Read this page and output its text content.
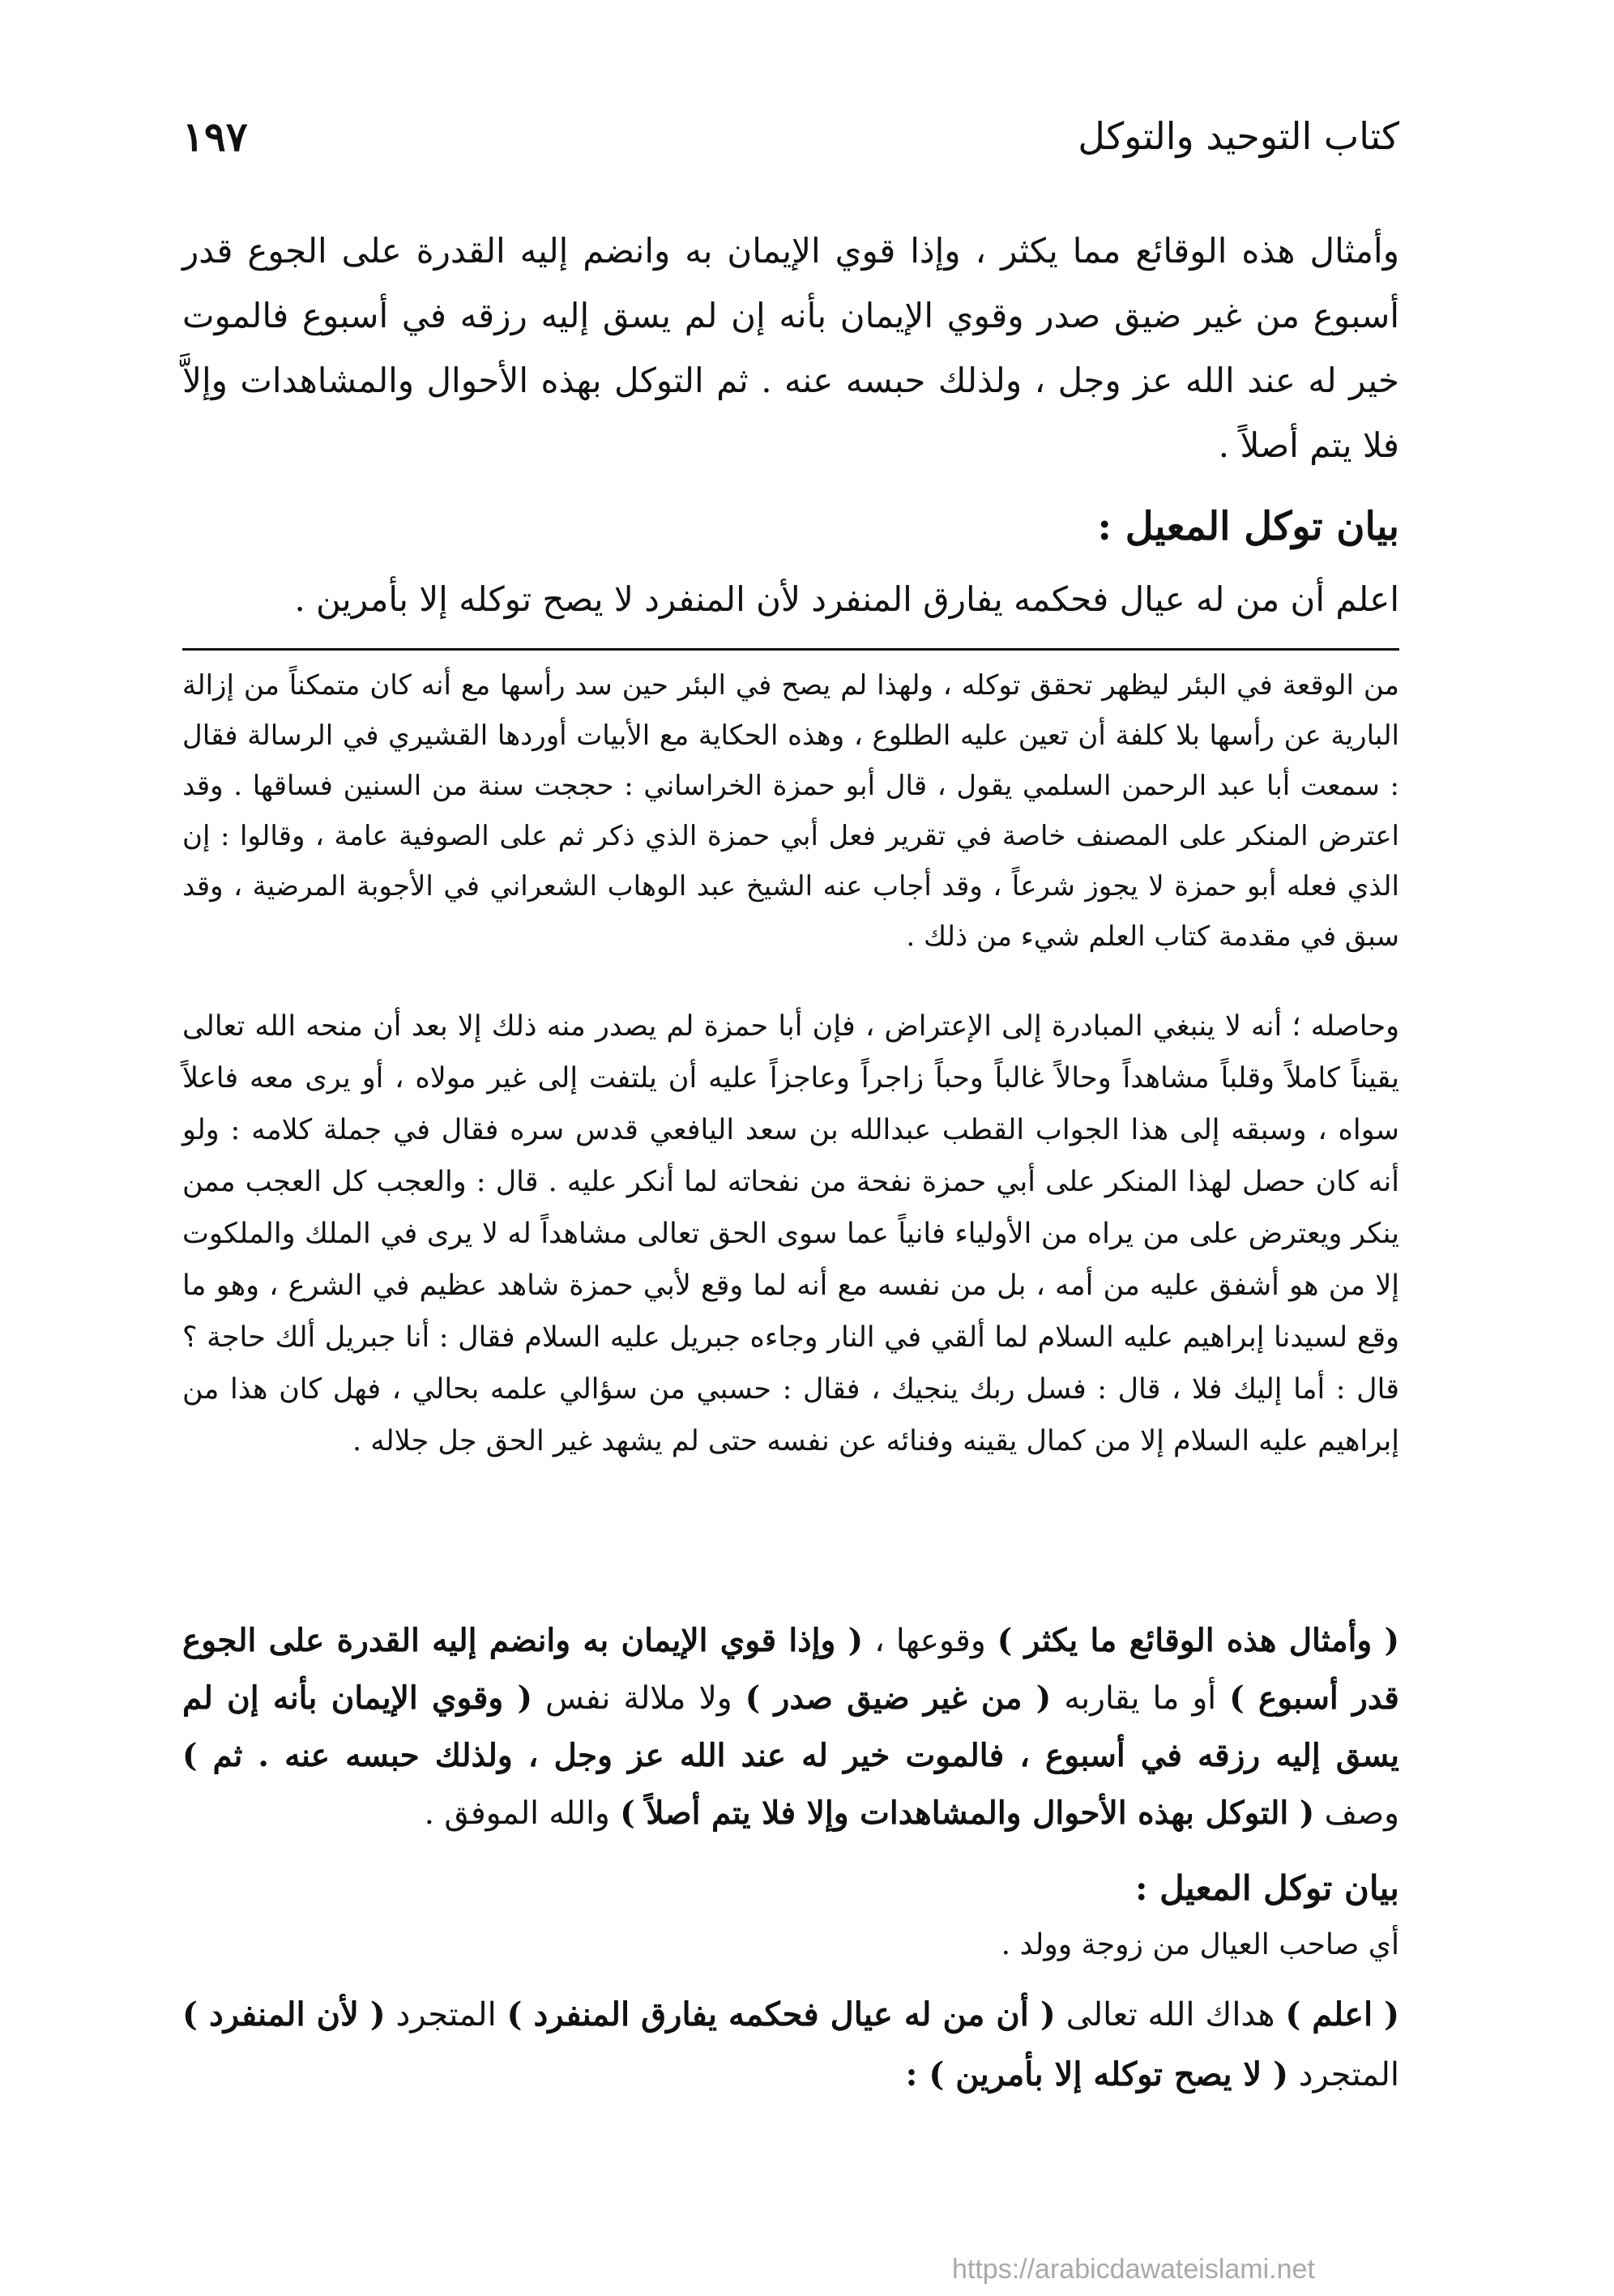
كتاب التوحيد والتوكل
١٩٧
وأمثال هذه الوقائع مما يكثر ، وإذا قوي الإيمان به وانضم إليه القدرة على الجوع قدر أسبوع من غير ضيق صدر وقوي الإيمان بأنه إن لم يسق إليه رزقه في أسبوع فالموت خير له عند الله عز وجل ، ولذلك حبسه عنه . ثم التوكل بهذه الأحوال والمشاهدات وإلاَّ فلا يتم أصلاً .
بيان توكل المعيل :
اعلم أن من له عيال فحكمه يفارق المنفرد لأن المنفرد لا يصح توكله إلا بأمرين .
من الوقعة في البئر ليظهر تحقق توكله ، ولهذا لم يصح في البئر حين سد رأسها مع أنه كان متمكناً من إزالة البارية عن رأسها بلا كلفة أن تعين عليه الطلوع ، وهذه الحكاية مع الأبيات أوردها القشيري في الرسالة فقال : سمعت أبا عبد الرحمن السلمي يقول ، قال أبو حمزة الخراساني : حججت سنة من السنين فساقها . وقد اعترض المنكر على المصنف خاصة في تقرير فعل أبي حمزة الذي ذكر ثم على الصوفية عامة ، وقالوا : إن الذي فعله أبو حمزة لا يجوز شرعاً ، وقد أجاب عنه الشيخ عبد الوهاب الشعراني في الأجوبة المرضية ، وقد سبق في مقدمة كتاب العلم شيء من ذلك .
وحاصله ؛ أنه لا ينبغي المبادرة إلى الإعتراض ، فإن أبا حمزة لم يصدر منه ذلك إلا بعد أن منحه الله تعالى يقيناً كاملاً وقلباً مشاهداً وحالاً غالباً وحباً زاجراً وعاجزاً عليه أن يلتفت إلى غير مولاه ، أو يرى معه فاعلاً سواه ، وسبقه إلى هذا الجواب القطب عبدالله بن سعد اليافعي قدس سره فقال في جملة كلامه : ولو أنه كان حصل لهذا المنكر على أبي حمزة نفحة من نفحاته لما أنكر عليه . قال : والعجب كل العجب ممن ينكر ويعترض على من يراه من الأولياء فانياً عما سوى الحق تعالى مشاهداً له لا يرى في الملك والملكوت إلا من هو أشفق عليه من أمه ، بل من نفسه مع أنه لما وقع لأبي حمزة شاهد عظيم في الشرع ، وهو ما وقع لسيدنا إبراهيم عليه السلام لما ألقي في النار وجاءه جبريل عليه السلام فقال : أنا جبريل ألك حاجة ؟ قال : أما إليك فلا ، قال : فسل ربك ينجيك ، فقال : حسبي من سؤالي علمه بحالي ، فهل كان هذا من إبراهيم عليه السلام إلا من كمال يقينه وفنائه عن نفسه حتى لم يشهد غير الحق جل جلاله .
( وأمثال هذه الوقائع ما يكثر ) وقوعها ، ( وإذا قوي الإيمان به وانضم إليه القدرة على الجوع قدر أسبوع ) أو ما يقاربه ( من غير ضيق صدر ) ولا ملالة نفس ( وقوي الإيمان بأنه إن لم يسق إليه رزقه في أسبوع ، فالموت خير له عند الله عز وجل ، ولذلك حبسه عنه . ثم ) وصف ( التوكل بهذه الأحوال والمشاهدات وإلا فلا يتم أصلاً ) والله الموفق .
بيان توكل المعيل :
أي صاحب العيال من زوجة وولد .
( اعلم ) هداك الله تعالى ( أن من له عيال فحكمه يفارق المنفرد ) المتجرد ( لأن المنفرد ) المتجرد ( لا يصح توكله إلا بأمرين ) :
https://arabicdawateislami.net
